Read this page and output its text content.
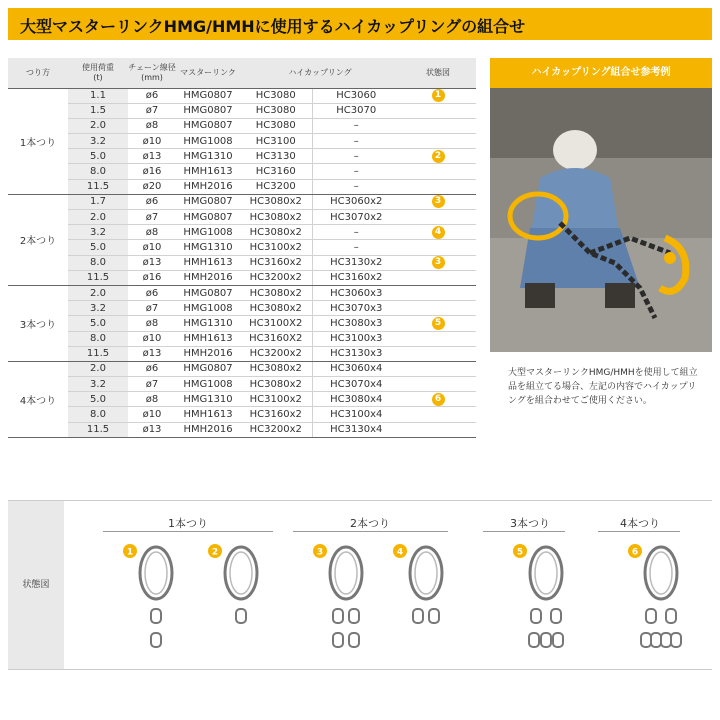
大型マスターリンクHMG/HMHに使用するハイカップリングの組合せ
つり方	使用荷重
(t)	チェーン線径
(mm)	マスターリンク	ハイカップリング		状態図
1本つり	1.1	ø6	HMG0807	HC3080	HC3060	1
	1.5	ø7	HMG0807	HC3080	HC3070	
	2.0	ø8	HMG0807	HC3080	–	
	3.2	ø10	HMG1008	HC3100	–	
	5.0	ø13	HMG1310	HC3130	–	2
	8.0	ø16	HMH1613	HC3160	–	
	11.5	ø20	HMH2016	HC3200	–	
2本つり	1.7	ø6	HMG0807	HC3080x2	HC3060x2	3
	2.0	ø7	HMG0807	HC3080x2	HC3070x2	
	3.2	ø8	HMG1008	HC3080x2	–	4
	5.0	ø10	HMG1310	HC3100x2	–	
	8.0	ø13	HMH1613	HC3160x2	HC3130x2	3
	11.5	ø16	HMH2016	HC3200x2	HC3160x2	
3本つり	2.0	ø6	HMG0807	HC3080x2	HC3060x3	
	3.2	ø7	HMG1008	HC3080x2	HC3070x3	
	5.0	ø8	HMG1310	HC3100X2	HC3080x3	5
	8.0	ø10	HMH1613	HC3160X2	HC3100x3	
	11.5	ø13	HMH2016	HC3200x2	HC3130x3	
4本つり	2.0	ø6	HMG0807	HC3080x2	HC3060x4	
	3.2	ø7	HMG1008	HC3080x2	HC3070x4	
	5.0	ø8	HMG1310	HC3100x2	HC3080x4	6
	8.0	ø10	HMH1613	HC3160x2	HC3100x4	
	11.5	ø13	HMH2016	HC3200x2	HC3130x4	
ハイカップリング組合せ参考例
大型マスターリンクHMG/HMHを使用して組立品を組立てる場合、左記の内容でハイカップリングを組合わせてご使用ください。
状態図
1本つり	2本つり	3本つり	4本つり
1	2	3	4	5	6
